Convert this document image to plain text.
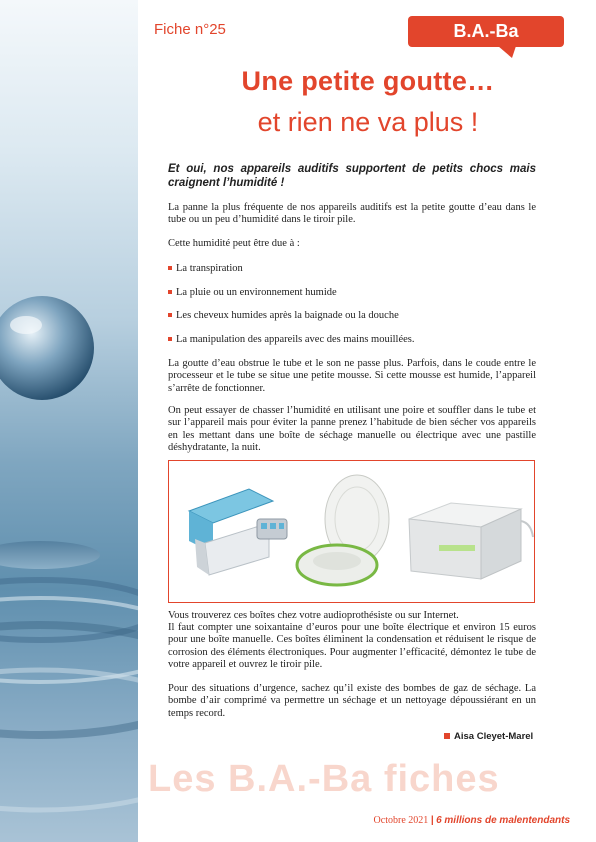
Fiche n°25	B.A.-Ba
Une petite goutte…
et rien ne va plus !
Et oui, nos appareils auditifs supportent de petits chocs mais craignent l’humidité !

La panne la plus fréquente de nos appareils auditifs est la petite goutte d’eau dans le tube ou un peu d’humidité dans le tiroir pile.

Cette humidité peut être due à :

La transpiration
La pluie ou un environnement humide
Les cheveux humides après la baignade ou la douche
La manipulation des appareils avec des mains mouillées.

La goutte d’eau obstrue le tube et le son ne passe plus. Parfois, dans le coude entre le processeur et le tube se situe une petite mousse. Si cette mousse est humide, l’appareil s’arrête de fonctionner.

On peut essayer de chasser l’humidité en utilisant une poire et souffler dans le tube et sur l’appareil mais pour éviter la panne prenez l’habitude de bien sécher vos appareils en les mettant dans une boîte de séchage manuelle ou électrique avec une pastille déshydratante, la nuit.

Vous trouverez ces boîtes chez votre audioprothésiste ou sur Internet.

Il faut compter une soixantaine d’euros pour une boîte électrique et environ 15 euros pour une boîte manuelle. Ces boîtes éliminent la condensation et réduisent le risque de corrosion des éléments électroniques. Pour augmenter l’efficacité, démontez le tube de votre appareil et ouvrez le tiroir pile.

Pour des situations d’urgence, sachez qu’il existe des bombes de gaz de séchage. La bombe d’air comprimé va permettre un séchage et un nettoyage dépoussiérant en un temps record.

Aisa Cleyet-Marel
Les B.A.-Ba fiches
Octobre 2021 | 6 millions de malentendants
